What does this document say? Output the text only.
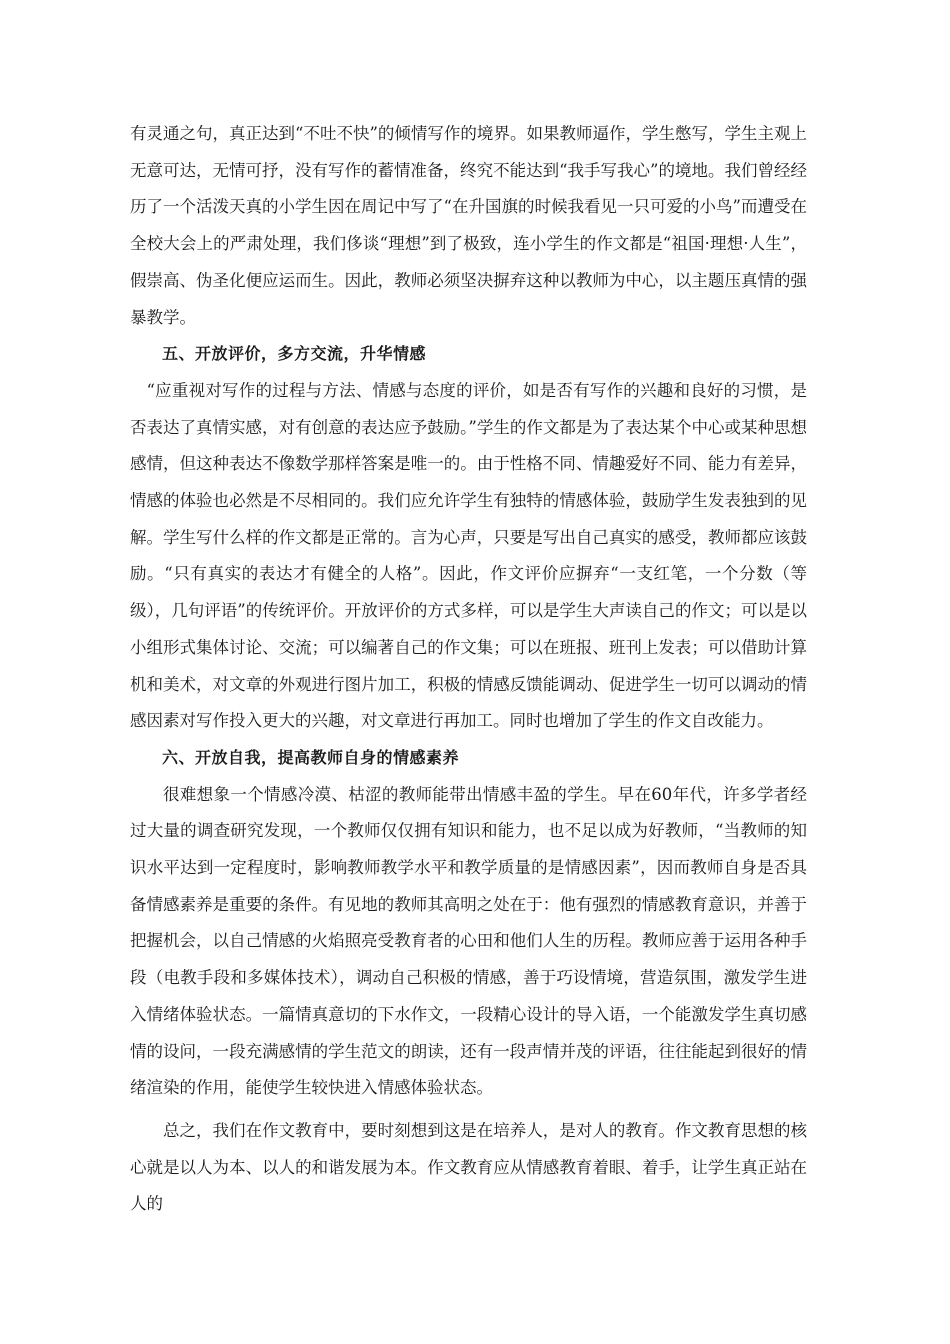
有灵通之句，真正达到“不吐不快”的倾情写作的境界。如果教师逼作，学生憋写，学生主观上无意可达，无情可抒，没有写作的蓄情准备，终究不能达到“我手写我心”的境地。我们曾经经历了一个活泼天真的小学生因在周记中写了“在升国旗的时候我看见一只可爱的小鸟”而遭受在全校大会上的严肃处理，我们侈谈“理想”到了极致，连小学生的作文都是“祖国·理想·人生”，假崇高、伪圣化便应运而生。因此，教师必须坚决摒弃这种以教师为中心，以主题压真情的强暴教学。

五、开放评价，多方交流，升华情感

“应重视对写作的过程与方法、情感与态度的评价，如是否有写作的兴趣和良好的习惯，是否表达了真情实感，对有创意的表达应予鼓励。”学生的作文都是为了表达某个中心或某种思想感情，但这种表达不像数学那样答案是唯一的。由于性格不同、情趣爱好不同、能力有差异，情感的体验也必然是不尽相同的。我们应允许学生有独特的情感体验，鼓励学生发表独到的见解。学生写什么样的作文都是正常的。言为心声，只要是写出自己真实的感受，教师都应该鼓励。“只有真实的表达才有健全的人格”。因此，作文评价应摒弃“一支红笔，一个分数（等级），几句评语”的传统评价。开放评价的方式多样，可以是学生大声读自己的作文；可以是以小组形式集体讨论、交流；可以编著自己的作文集；可以在班报、班刊上发表；可以借助计算机和美术，对文章的外观进行图片加工，积极的情感反馈能调动、促进学生一切可以调动的情感因素对写作投入更大的兴趣，对文章进行再加工。同时也增加了学生的作文自改能力。

六、开放自我，提高教师自身的情感素养

很难想象一个情感冷漠、枯涩的教师能带出情感丰盈的学生。早在60年代，许多学者经过大量的调查研究发现，一个教师仅仅拥有知识和能力，也不足以成为好教师，“当教师的知识水平达到一定程度时，影响教师教学水平和教学质量的是情感因素”，因而教师自身是否具备情感素养是重要的条件。有见地的教师其高明之处在于：他有强烈的情感教育意识，并善于把握机会，以自己情感的火焰照亮受教育者的心田和他们人生的历程。教师应善于运用各种手段（电教手段和多媒体技术），调动自己积极的情感，善于巧设情境，营造氛围，激发学生进入情绪体验状态。一篇情真意切的下水作文，一段精心设计的导入语，一个能激发学生真切感情的设问，一段充满感情的学生范文的朗读，还有一段声情并茂的评语，往往能起到很好的情绪渲染的作用，能使学生较快进入情感体验状态。

总之，我们在作文教育中，要时刻想到这是在培养人，是对人的教育。作文教育思想的核心就是以人为本、以人的和谐发展为本。作文教育应从情感教育着眼、着手，让学生真正站在人的
